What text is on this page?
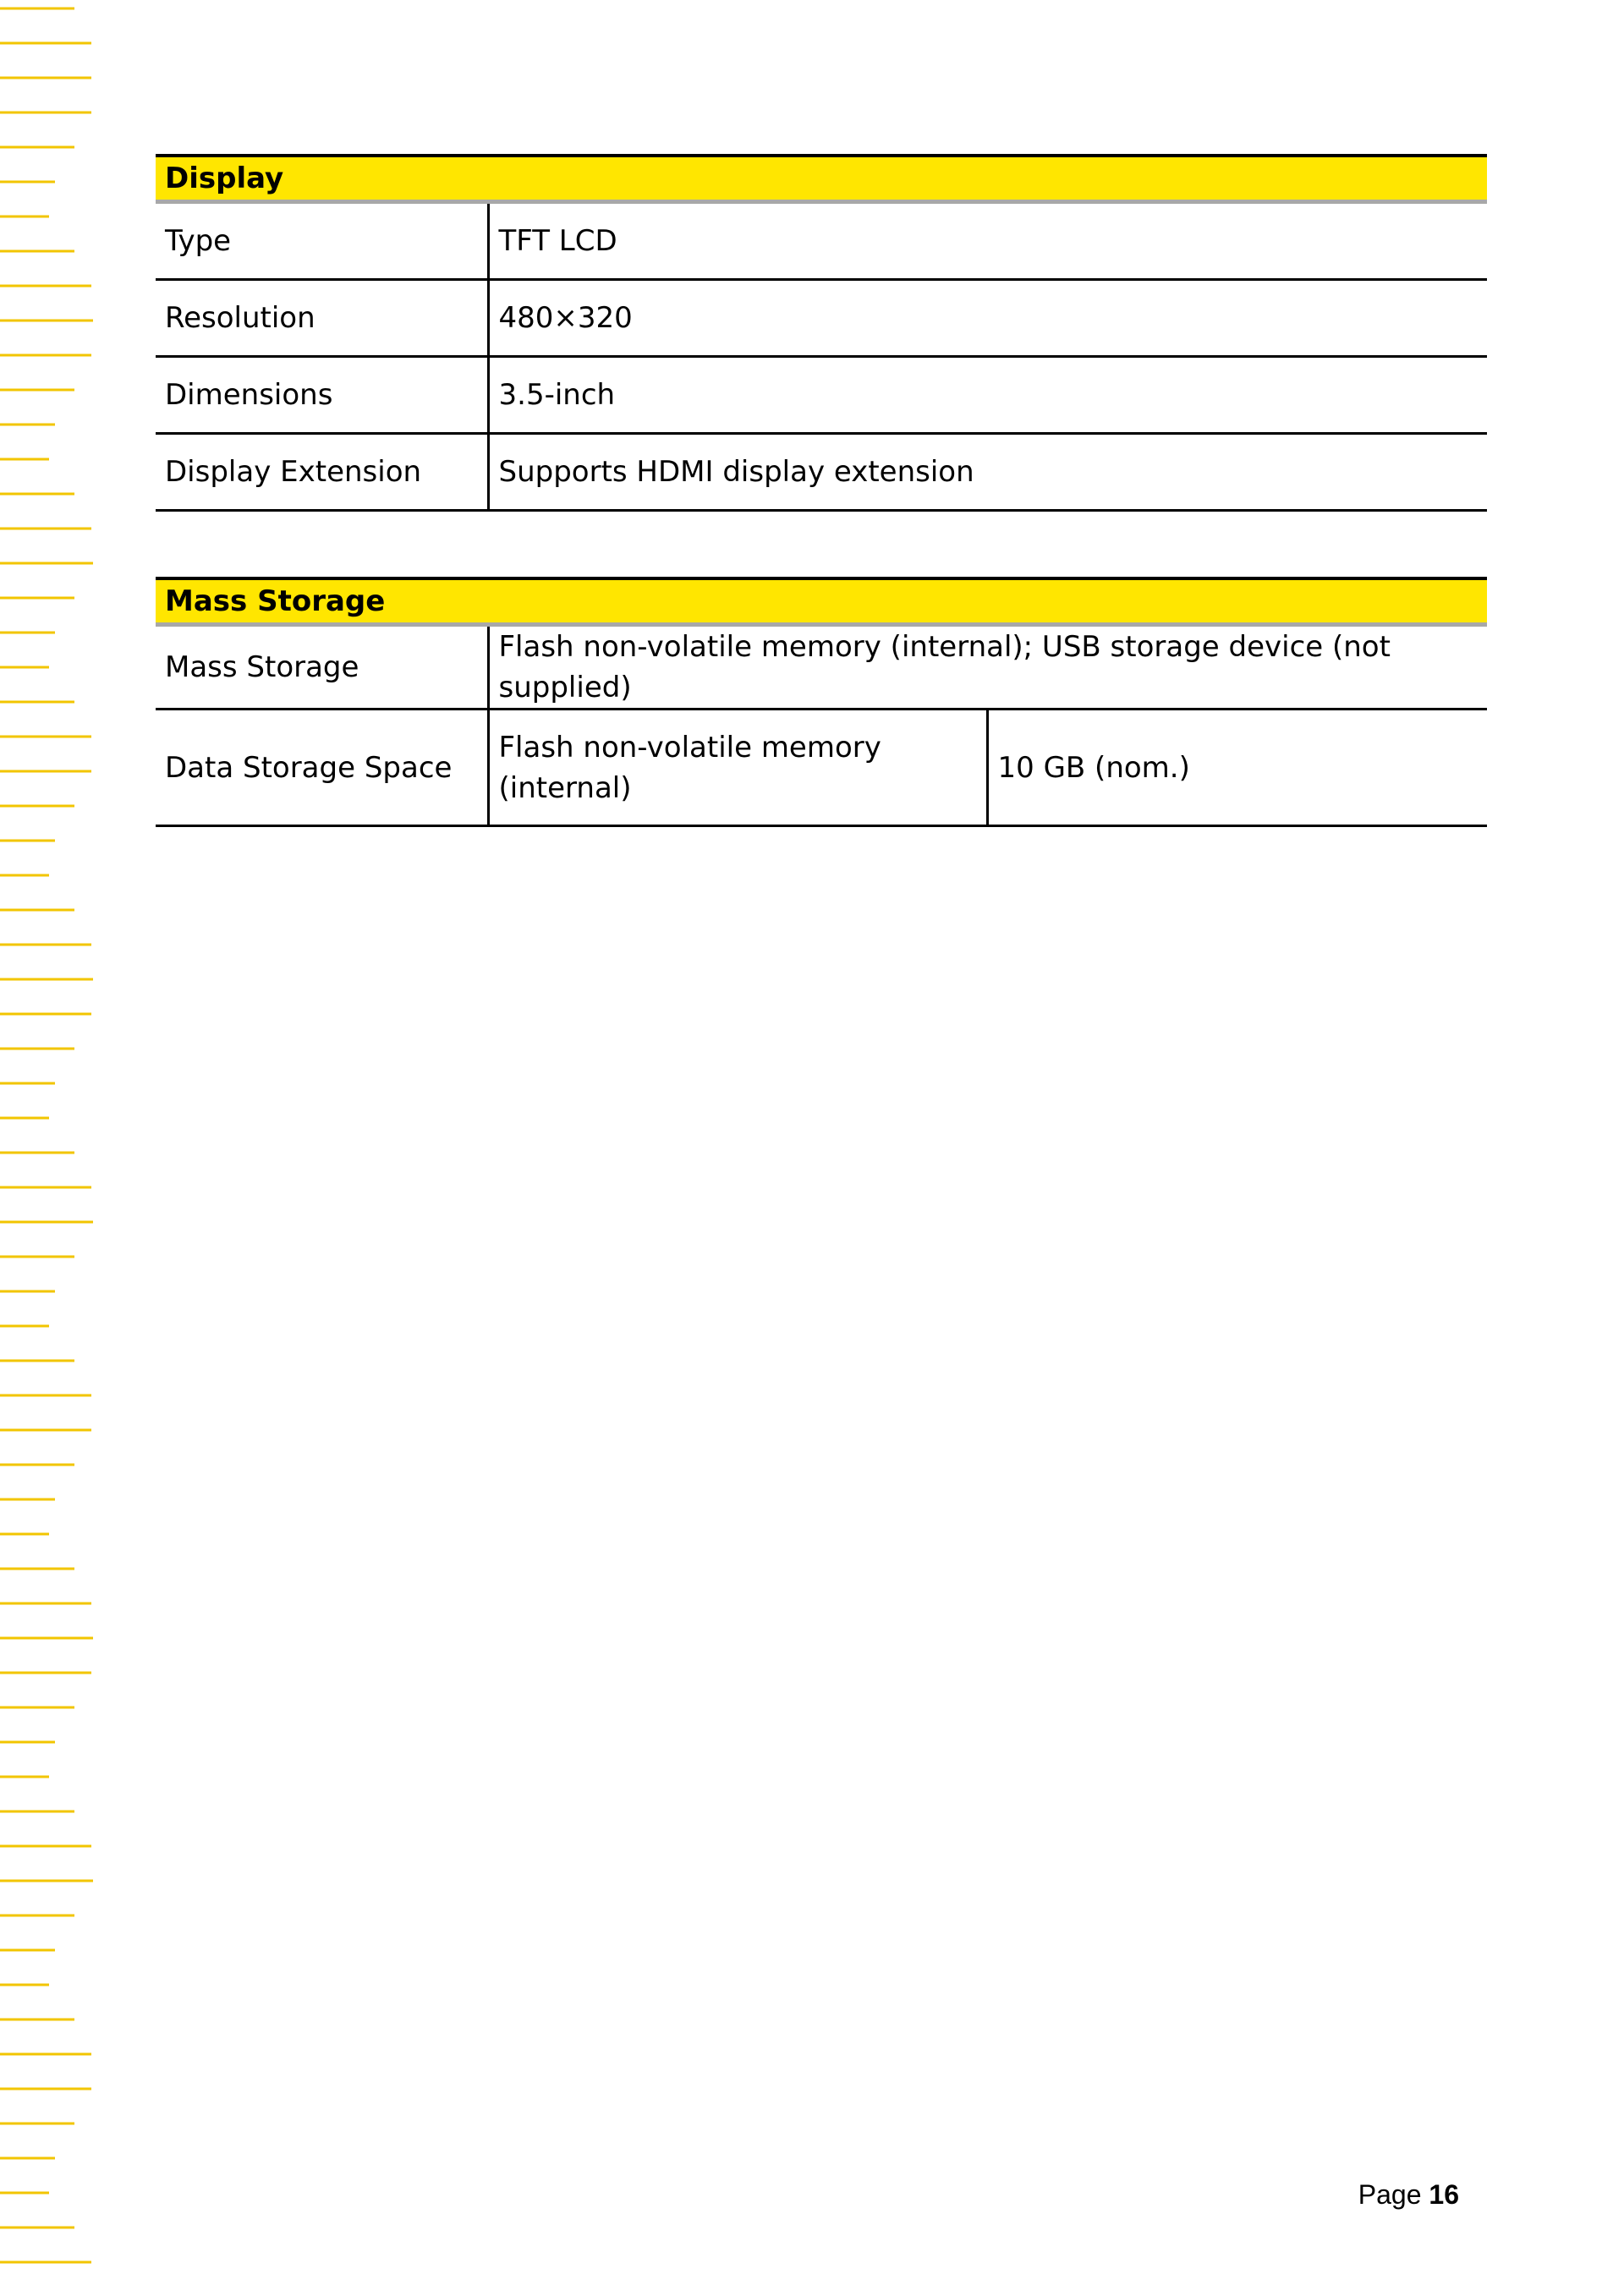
Display	
Type	TFT LCD
Resolution	480×320
Dimensions	3.5-inch
Display Extension	Supports HDMI display extension
Mass Storage		
Mass Storage	Flash non-volatile memory (internal); USB storage device (not supplied)	
Data Storage Space	Flash non-volatile memory (internal)	10 GB (nom.)
Page 16
